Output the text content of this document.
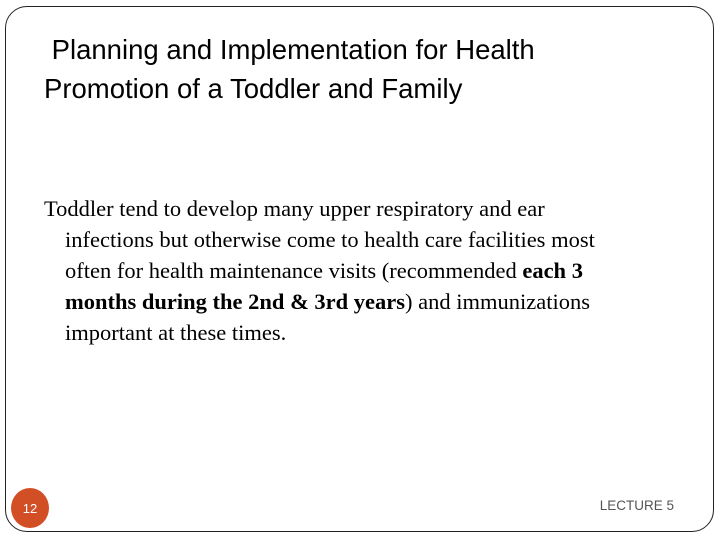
Planning and Implementation for Health
Promotion of a Toddler and Family
Toddler tend to develop many upper respiratory and ear
infections but otherwise come to health care facilities most
often for health maintenance visits (recommended each 3
months during the 2nd & 3rd years) and immunizations
important at these times.
12	LECTURE 5
